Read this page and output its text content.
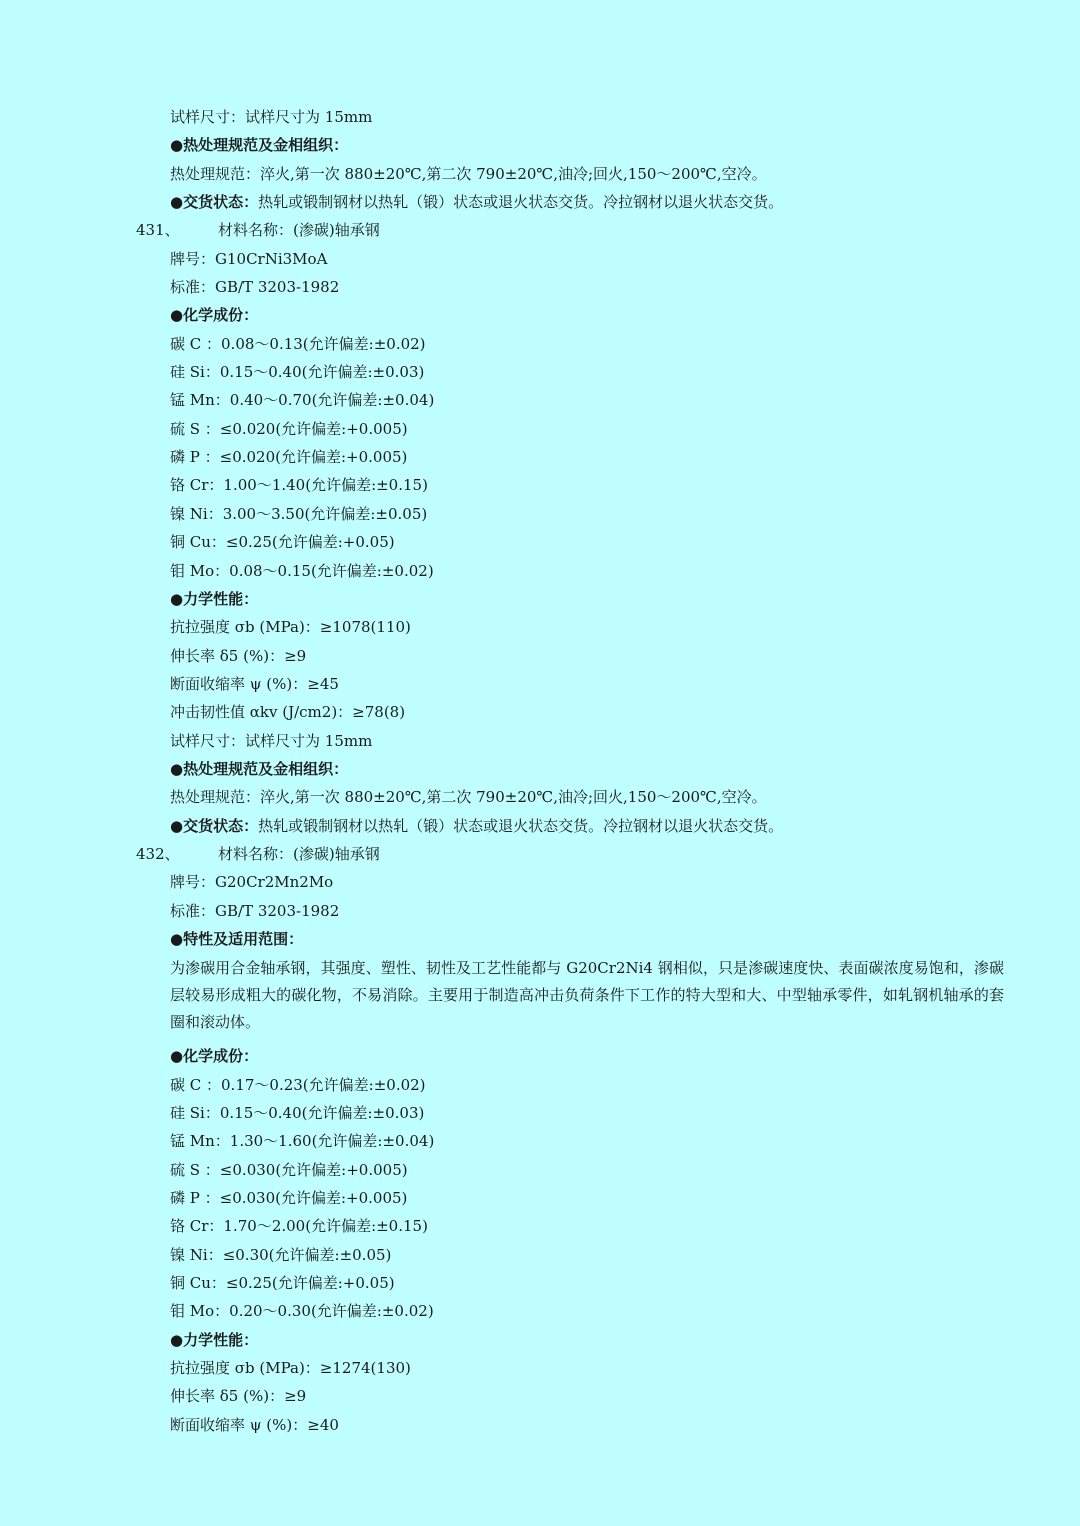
试样尺寸：试样尺寸为 15mm
●热处理规范及金相组织：
热处理规范：淬火,第一次 880±20℃,第二次 790±20℃,油冷;回火,150～200℃,空冷。
●交货状态：热轧或锻制钢材以热轧（锻）状态或退火状态交货。冷拉钢材以退火状态交货。
431、	材料名称：(渗碳)轴承钢
牌号：G10CrNi3MoA
标准：GB/T 3203-1982
●化学成份：
碳 C ：0.08～0.13(允许偏差:±0.02)
硅 Si：0.15～0.40(允许偏差:±0.03)
锰 Mn：0.40～0.70(允许偏差:±0.04)
硫 S ：≤0.020(允许偏差:+0.005)
磷 P ：≤0.020(允许偏差:+0.005)
铬 Cr：1.00～1.40(允许偏差:±0.15)
镍 Ni：3.00～3.50(允许偏差:±0.05)
铜 Cu：≤0.25(允许偏差:+0.05)
钼 Mo：0.08～0.15(允许偏差:±0.02)
●力学性能：
抗拉强度 σb (MPa)：≥1078(110)
伸长率 δ5 (%)：≥9
断面收缩率 ψ (%)：≥45
冲击韧性值 αkv (J/cm2)：≥78(8)
试样尺寸：试样尺寸为 15mm
●热处理规范及金相组织：
热处理规范：淬火,第一次 880±20℃,第二次 790±20℃,油冷;回火,150～200℃,空冷。
●交货状态：热轧或锻制钢材以热轧（锻）状态或退火状态交货。冷拉钢材以退火状态交货。
432、	材料名称：(渗碳)轴承钢
牌号：G20Cr2Mn2Mo
标准：GB/T 3203-1982
●特性及适用范围：
为渗碳用合金轴承钢，其强度、塑性、韧性及工艺性能都与 G20Cr2Ni4 钢相似，只是渗碳速度快、表面碳浓度易饱和，渗碳层较易形成粗大的碳化物，不易消除。主要用于制造高冲击负荷条件下工作的特大型和大、中型轴承零件，如轧钢机轴承的套圈和滚动体。
●化学成份：
碳 C ：0.17～0.23(允许偏差:±0.02)
硅 Si：0.15～0.40(允许偏差:±0.03)
锰 Mn：1.30～1.60(允许偏差:±0.04)
硫 S ：≤0.030(允许偏差:+0.005)
磷 P ：≤0.030(允许偏差:+0.005)
铬 Cr：1.70～2.00(允许偏差:±0.15)
镍 Ni：≤0.30(允许偏差:±0.05)
铜 Cu：≤0.25(允许偏差:+0.05)
钼 Mo：0.20～0.30(允许偏差:±0.02)
●力学性能：
抗拉强度 σb (MPa)：≥1274(130)
伸长率 δ5 (%)：≥9
断面收缩率 ψ (%)：≥40
